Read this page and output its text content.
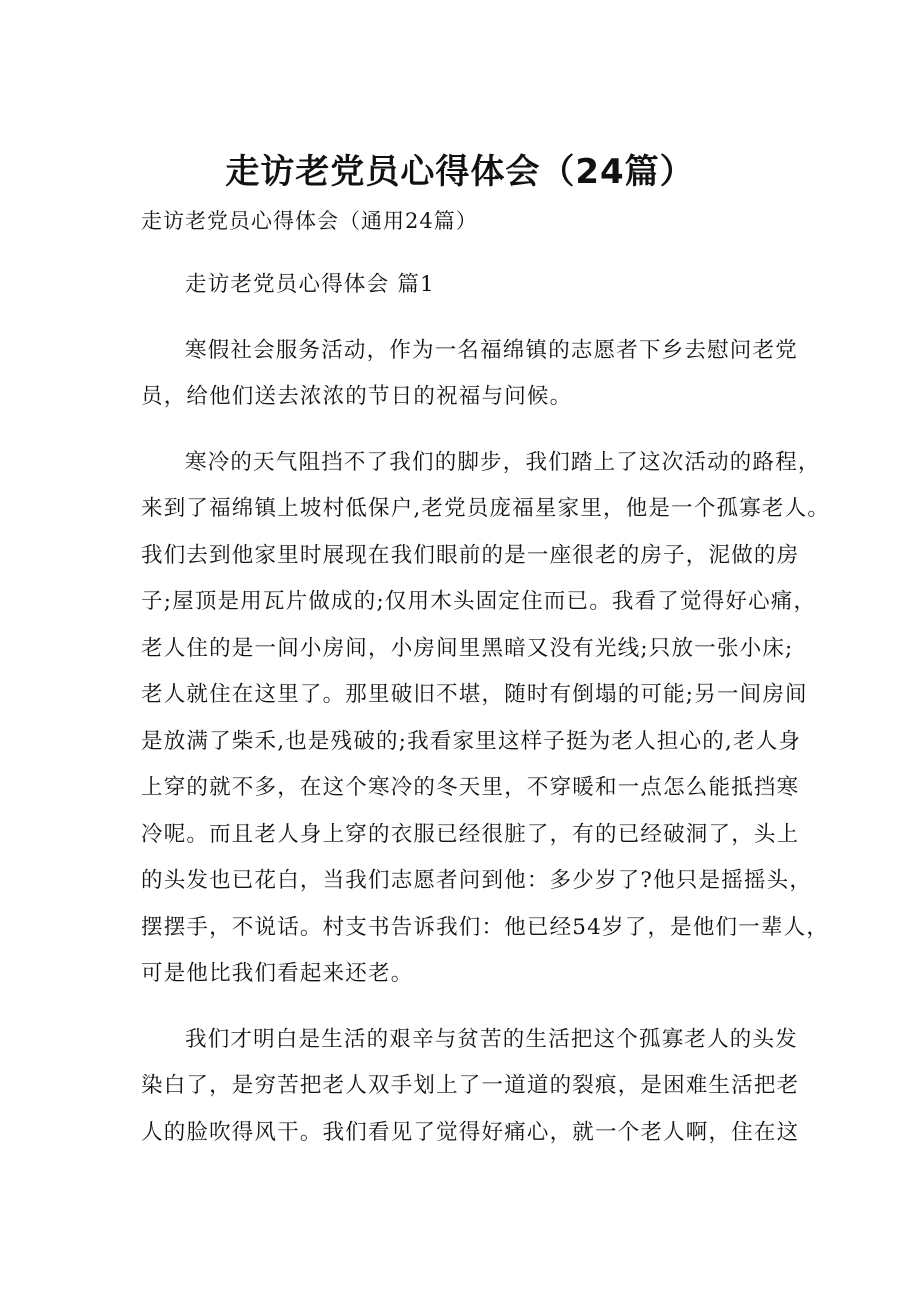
走访老党员心得体会（24篇）
走访老党员心得体会（通用24篇）
走访老党员心得体会 篇1
寒假社会服务活动，作为一名福绵镇的志愿者下乡去慰问老党
员，给他们送去浓浓的节日的祝福与问候。
寒冷的天气阻挡不了我们的脚步，我们踏上了这次活动的路程，
来到了福绵镇上坡村低保户,老党员庞福星家里，他是一个孤寡老人。
我们去到他家里时展现在我们眼前的是一座很老的房子，泥做的房
子;屋顶是用瓦片做成的;仅用木头固定住而已。我看了觉得好心痛，
老人住的是一间小房间，小房间里黑暗又没有光线;只放一张小床;
老人就住在这里了。那里破旧不堪，随时有倒塌的可能;另一间房间
是放满了柴禾,也是残破的;我看家里这样子挺为老人担心的,老人身
上穿的就不多，在这个寒冷的冬天里，不穿暖和一点怎么能抵挡寒
冷呢。而且老人身上穿的衣服已经很脏了，有的已经破洞了，头上
的头发也已花白，当我们志愿者问到他：多少岁了?他只是摇摇头，
摆摆手，不说话。村支书告诉我们：他已经54岁了，是他们一辈人，
可是他比我们看起来还老。
我们才明白是生活的艰辛与贫苦的生活把这个孤寡老人的头发
染白了，是穷苦把老人双手划上了一道道的裂痕，是困难生活把老
人的脸吹得风干。我们看见了觉得好痛心，就一个老人啊，住在这
